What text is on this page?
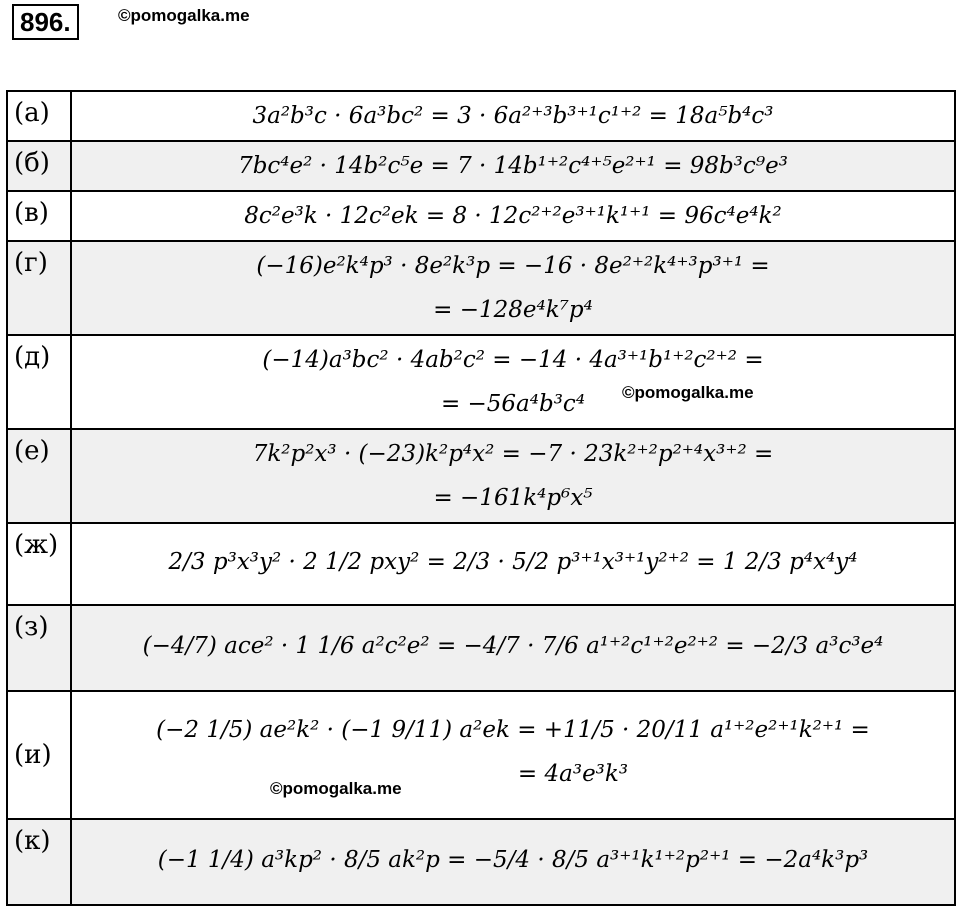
896.	©pomogalka.me
(а)	3a²b³c · 6a³bc² = 3 · 6a²⁺³b³⁺¹c¹⁺² = 18a⁵b⁴c³

(б)	7bc⁴e² · 14b²c⁵e = 7 · 14b¹⁺²c⁴⁺⁵e²⁺¹ = 98b³c⁹e³

(в)	8c²e³k · 12c²ek = 8 · 12c²⁺²e³⁺¹k¹⁺¹ = 96c⁴e⁴k²

(г)	(−16)e²k⁴p³ · 8e²k³p = −16 · 8e²⁺²k⁴⁺³p³⁺¹ =
= −128e⁴k⁷p⁴

(д)	(−14)a³bc² · 4ab²c² = −14 · 4a³⁺¹b¹⁺²c²⁺² =
= −56a⁴b³c⁴

(е)	7k²p²x³ · (−23)k²p⁴x² = −7 · 23k²⁺²p²⁺⁴x³⁺² =
= −161k⁴p⁶x⁵

(ж)	2/3 p³x³y² · 2 1/2 pxy² = 2/3 · 5/2 p³⁺¹x³⁺¹y²⁺² = 1 2/3 p⁴x⁴y⁴

(з)	(−4/7) ace² · 1 1/6 a²c²e² = −4/7 · 7/6 a¹⁺²c¹⁺²e²⁺² = −2/3 a³c³e⁴

(и)	(−2 1/5) ae²k² · (−1 9/11) a²ek = +11/5 · 20/11 a¹⁺²e²⁺¹k²⁺¹ =
= 4a³e³k³

(к)	(−1 1/4) a³kp² · 8/5 ak²p = −5/4 · 8/5 a³⁺¹k¹⁺²p²⁺¹ = −2a⁴k³p³
©pomogalka.me
©pomogalka.me
